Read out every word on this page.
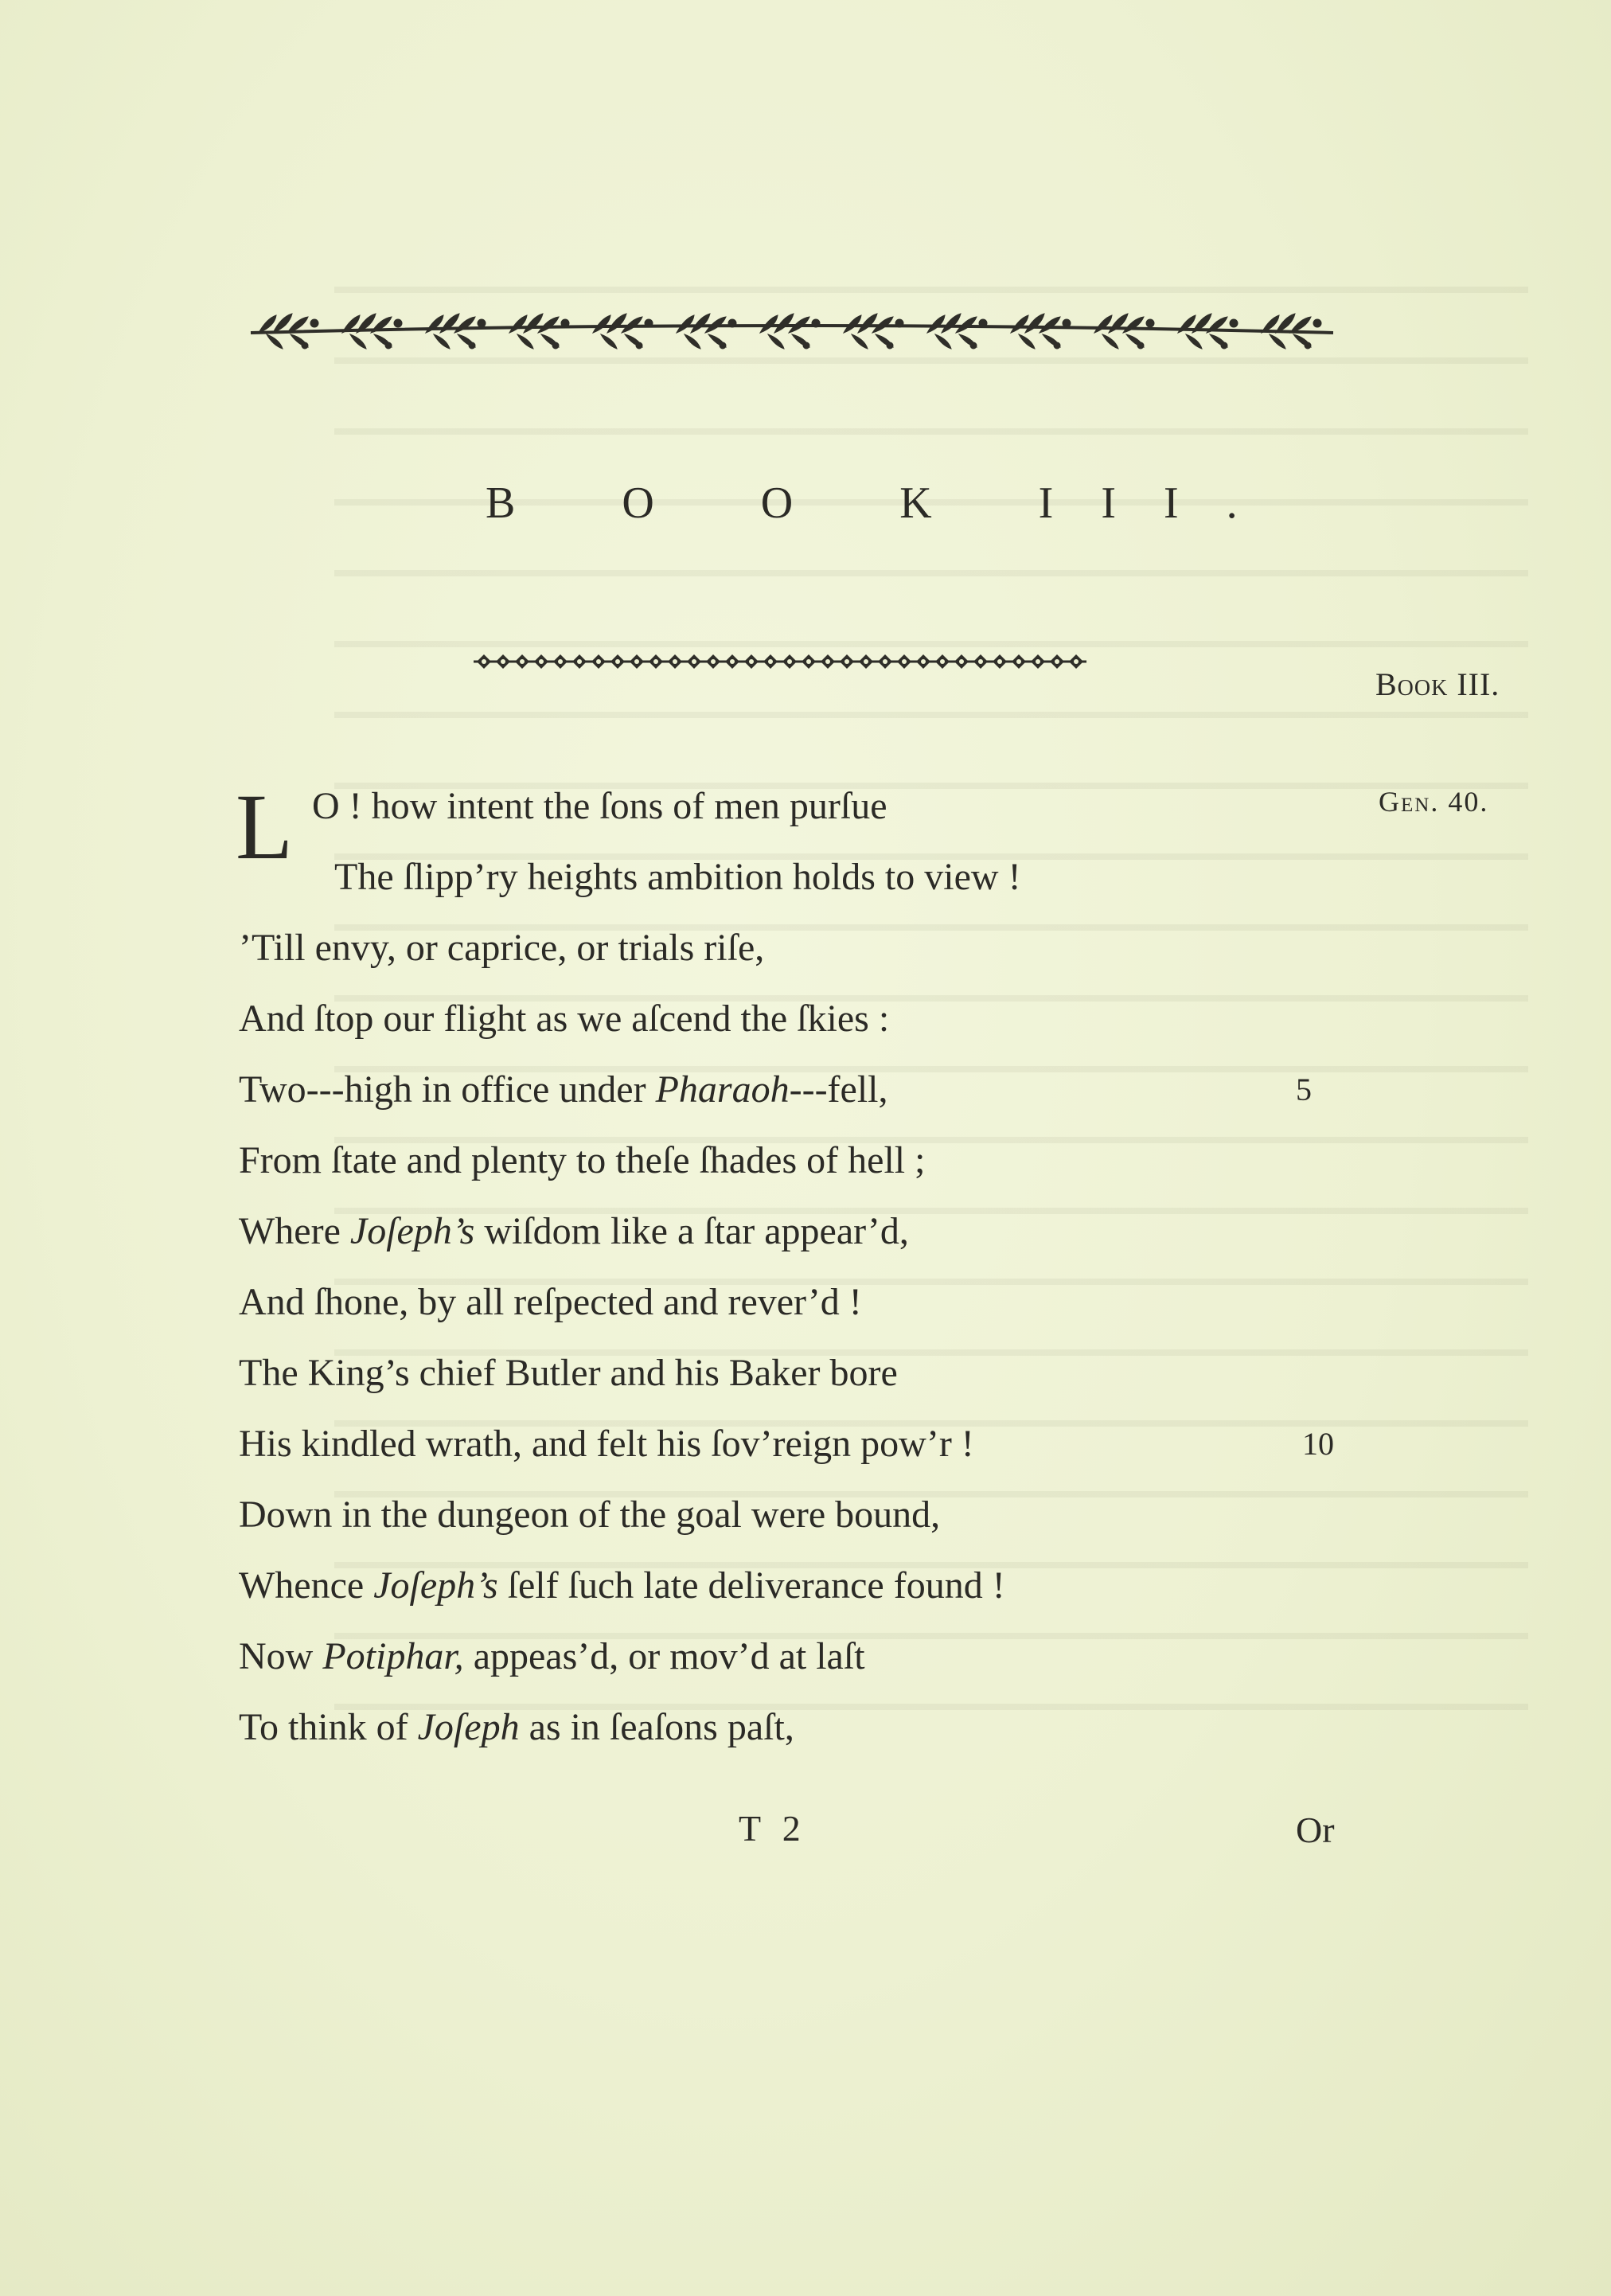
B O O K III.
Book III.
Gen. 40.
L O ! how intent the ſons of men purſue
The ſlipp’ry heights ambition holds to view !
’Till envy, or caprice, or trials riſe,
And ſtop our flight as we aſcend the ſkies :
Two---high in office under Pharaoh---fell,	5
From ſtate and plenty to theſe ſhades of hell ;
Where Joſeph’s wiſdom like a ſtar appear’d,
And ſhone, by all reſpected and rever’d !
The King’s chief Butler and his Baker bore
His kindled wrath, and felt his ſov’reign pow’r !	10
Down in the dungeon of the goal were bound,
Whence Joſeph’s ſelf ſuch late deliverance found !
Now Potiphar, appeas’d, or mov’d at laſt
To think of Joſeph as in ſeaſons paſt,
T 2	Or
